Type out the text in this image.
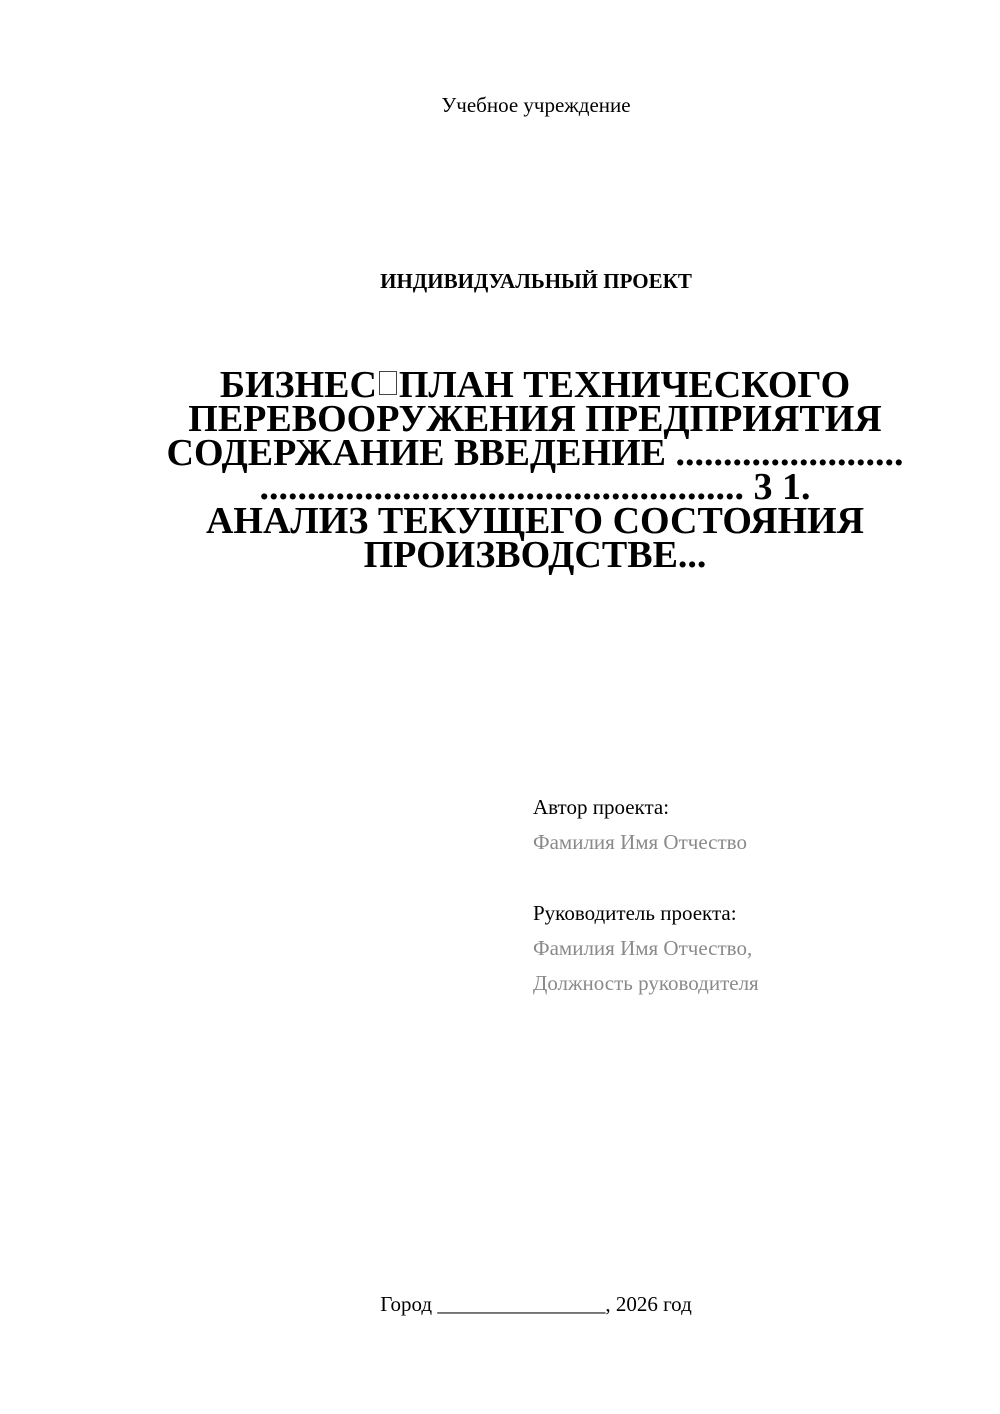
Учебное учреждение
ИНДИВИДУАЛЬНЫЙ ПРОЕКТ
БИЗНЕС ПЛАН ТЕХНИЧЕСКОГО
ПЕРЕВООРУЖЕНИЯ ПРЕДПРИЯТИЯ
СОДЕРЖАНИЕ ВВЕДЕНИЕ ........................
................................................... 3 1.
АНАЛИЗ ТЕКУЩЕГО СОСТОЯНИЯ
ПРОИЗВОДСТВЕ...
Автор проекта:
Фамилия Имя Отчество
Руководитель проекта:
Фамилия Имя Отчество,
Должность руководителя
Город ________________, 2026 год
